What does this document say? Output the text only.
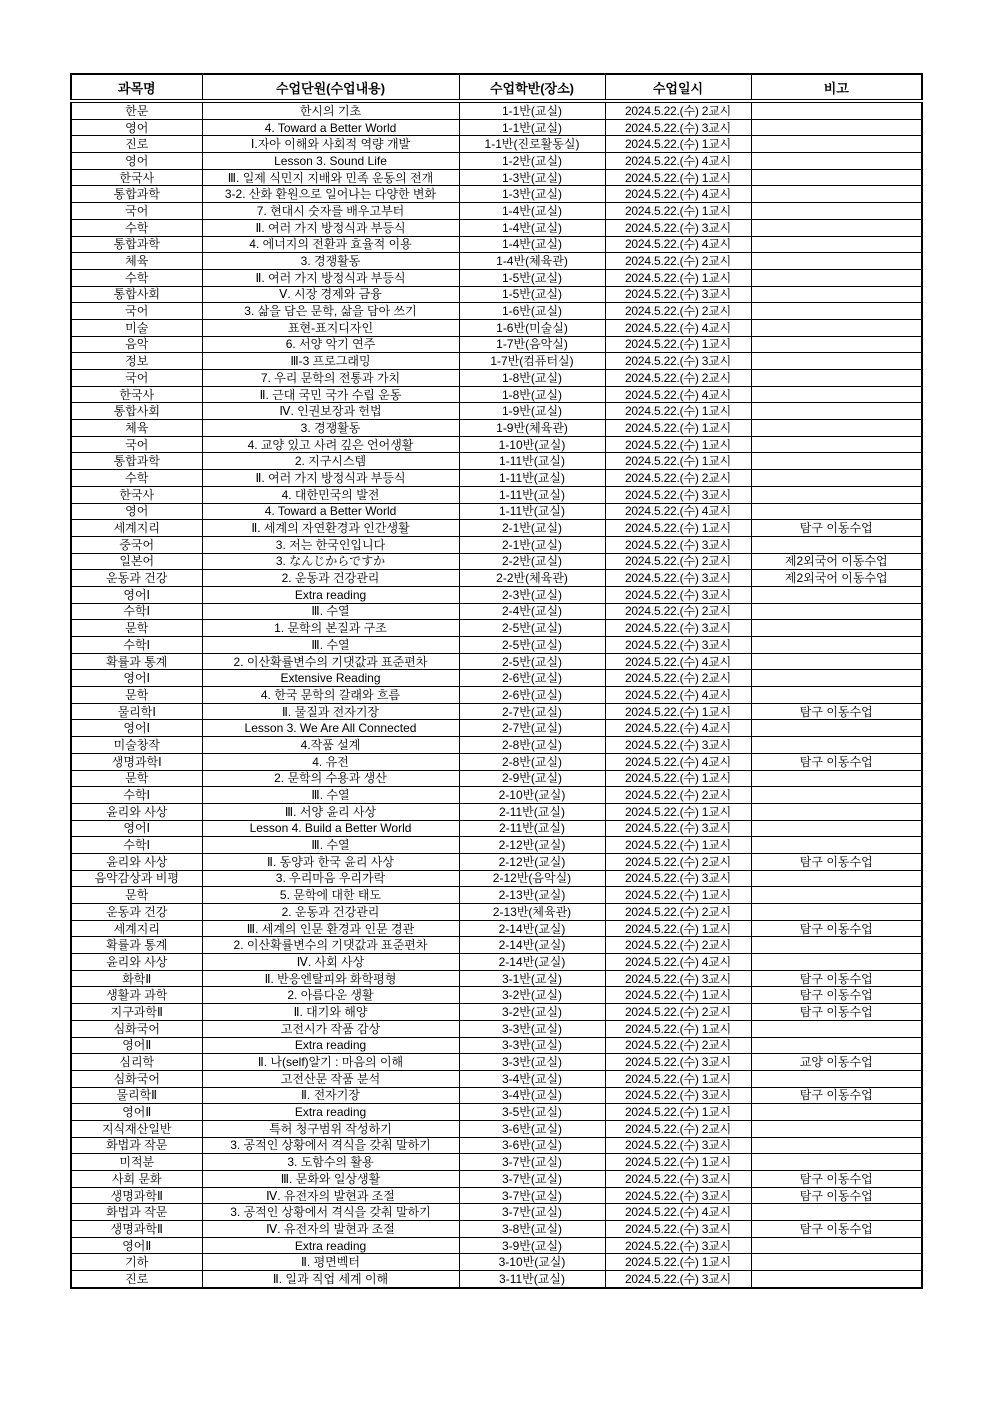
과목명	수업단원(수업내용)	수업학반(장소)	수업일시	비고
한문	한시의 기초	1-1반(교실)	2024.5.22.(수) 2교시	
영어	4. Toward a Better World	1-1반(교실)	2024.5.22.(수) 3교시	
진로	Ⅰ.자아 이해와 사회적 역량 개발	1-1반(진로활동실)	2024.5.22.(수) 1교시	
영어	Lesson 3. Sound Life	1-2반(교실)	2024.5.22.(수) 4교시	
한국사	Ⅲ. 일제 식민지 지배와 민족 운동의 전개	1-3반(교실)	2024.5.22.(수) 1교시	
통합과학	3-2. 산화 환원으로 일어나는 다양한 변화	1-3반(교실)	2024.5.22.(수) 4교시	
국어	7. 현대시 숫자를 배우고부터	1-4반(교실)	2024.5.22.(수) 1교시	
수학	Ⅱ. 여러 가지 방정식과 부등식	1-4반(교실)	2024.5.22.(수) 3교시	
통합과학	4. 에너지의 전환과 효율적 이용	1-4반(교실)	2024.5.22.(수) 4교시	
체육	3. 경쟁활동	1-4반(체육관)	2024.5.22.(수) 2교시	
수학	Ⅱ. 여러 가지 방정식과 부등식	1-5반(교실)	2024.5.22.(수) 1교시	
통합사회	Ⅴ. 시장 경제와 금융	1-5반(교실)	2024.5.22.(수) 3교시	
국어	3. 삶을 담은 문학, 삶을 담아 쓰기	1-6반(교실)	2024.5.22.(수) 2교시	
미술	표현-표지디자인	1-6반(미술실)	2024.5.22.(수) 4교시	
음악	6. 서양 악기 연주	1-7반(음악실)	2024.5.22.(수) 1교시	
정보	Ⅲ-3 프로그래밍	1-7반(컴퓨터실)	2024.5.22.(수) 3교시	
국어	7. 우리 문학의 전통과 가치	1-8반(교실)	2024.5.22.(수) 2교시	
한국사	Ⅱ. 근대 국민 국가 수립 운동	1-8반(교실)	2024.5.22.(수) 4교시	
통합사회	Ⅳ. 인권보장과 헌법	1-9반(교실)	2024.5.22.(수) 1교시	
체육	3. 경쟁활동	1-9반(체육관)	2024.5.22.(수) 1교시	
국어	4. 교양 있고 사려 깊은 언어생활	1-10반(교실)	2024.5.22.(수) 1교시	
통합과학	2. 지구시스템	1-11반(교실)	2024.5.22.(수) 1교시	
수학	Ⅱ. 여러 가지 방정식과 부등식	1-11반(교실)	2024.5.22.(수) 2교시	
한국사	4. 대한민국의 발전	1-11반(교실)	2024.5.22.(수) 3교시	
영어	4. Toward a Better World	1-11반(교실)	2024.5.22.(수) 4교시	
세계지리	Ⅱ. 세계의 자연환경과 인간생활	2-1반(교실)	2024.5.22.(수) 1교시	탐구 이동수업
중국어	3. 저는 한국인입니다	2-1반(교실)	2024.5.22.(수) 3교시	
일본어	3. なんじからですか	2-2반(교실)	2024.5.22.(수) 2교시	제2외국어 이동수업
운동과 건강	2. 운동과 건강관리	2-2반(체육관)	2024.5.22.(수) 3교시	제2외국어 이동수업
영어Ⅰ	Extra reading	2-3반(교실)	2024.5.22.(수) 3교시	
수학Ⅰ	Ⅲ. 수열	2-4반(교실)	2024.5.22.(수) 2교시	
문학	1. 문학의 본질과 구조	2-5반(교실)	2024.5.22.(수) 3교시	
수학Ⅰ	Ⅲ. 수열	2-5반(교실)	2024.5.22.(수) 3교시	
확률과 통계	2. 이산확률변수의 기댓값과 표준편차	2-5반(교실)	2024.5.22.(수) 4교시	
영어Ⅰ	Extensive Reading	2-6반(교실)	2024.5.22.(수) 2교시	
문학	4. 한국 문학의 갈래와 흐름	2-6반(교실)	2024.5.22.(수) 4교시	
물리학Ⅰ	Ⅱ. 물질과 전자기장	2-7반(교실)	2024.5.22.(수) 1교시	탐구 이동수업
영어Ⅰ	Lesson 3. We Are All Connected	2-7반(교실)	2024.5.22.(수) 4교시	
미술창작	4.작품 설계	2-8반(교실)	2024.5.22.(수) 3교시	
생명과학Ⅰ	4. 유전	2-8반(교실)	2024.5.22.(수) 4교시	탐구 이동수업
문학	2. 문학의 수용과 생산	2-9반(교실)	2024.5.22.(수) 1교시	
수학Ⅰ	Ⅲ. 수열	2-10반(교실)	2024.5.22.(수) 2교시	
윤리와 사상	Ⅲ. 서양 윤리 사상	2-11반(교실)	2024.5.22.(수) 1교시	
영어Ⅰ	Lesson 4. Build a Better World	2-11반(교실)	2024.5.22.(수) 3교시	
수학Ⅰ	Ⅲ. 수열	2-12반(교실)	2024.5.22.(수) 1교시	
윤리와 사상	Ⅱ. 동양과 한국 윤리 사상	2-12반(교실)	2024.5.22.(수) 2교시	탐구 이동수업
음악감상과 비평	3. 우리마음 우리가락	2-12반(음악실)	2024.5.22.(수) 3교시	
문학	5. 문학에 대한 태도	2-13반(교실)	2024.5.22.(수) 1교시	
운동과 건강	2. 운동과 건강관리	2-13반(체육관)	2024.5.22.(수) 2교시	
세계지리	Ⅲ. 세계의 인문 환경과 인문 경관	2-14반(교실)	2024.5.22.(수) 1교시	탐구 이동수업
확률과 통계	2. 이산확률변수의 기댓값과 표준편차	2-14반(교실)	2024.5.22.(수) 2교시	
윤리와 사상	Ⅳ. 사회 사상	2-14반(교실)	2024.5.22.(수) 4교시	
화학Ⅱ	Ⅱ. 반응엔탈피와 화학평형	3-1반(교실)	2024.5.22.(수) 3교시	탐구 이동수업
생활과 과학	2. 아름다운 생활	3-2반(교실)	2024.5.22.(수) 1교시	탐구 이동수업
지구과학Ⅱ	Ⅱ. 대기와 해양	3-2반(교실)	2024.5.22.(수) 2교시	탐구 이동수업
심화국어	고전시가 작품 감상	3-3반(교실)	2024.5.22.(수) 1교시	
영어Ⅱ	Extra reading	3-3반(교실)	2024.5.22.(수) 2교시	
심리학	Ⅱ. 나(self)알기 : 마음의 이해	3-3반(교실)	2024.5.22.(수) 3교시	교양 이동수업
심화국어	고전산문 작품 분석	3-4반(교실)	2024.5.22.(수) 1교시	
물리학Ⅱ	Ⅱ. 전자기장	3-4반(교실)	2024.5.22.(수) 3교시	탐구 이동수업
영어Ⅱ	Extra reading	3-5반(교실)	2024.5.22.(수) 1교시	
지식재산일반	특허 청구범위 작성하기	3-6반(교실)	2024.5.22.(수) 2교시	
화법과 작문	3. 공적인 상황에서 격식을 갖춰 말하기	3-6반(교실)	2024.5.22.(수) 3교시	
미적분	3. 도함수의 활용	3-7반(교실)	2024.5.22.(수) 1교시	
사회 문화	Ⅲ. 문화와 일상생활	3-7반(교실)	2024.5.22.(수) 3교시	탐구 이동수업
생명과학Ⅱ	Ⅳ. 유전자의 발현과 조절	3-7반(교실)	2024.5.22.(수) 3교시	탐구 이동수업
화법과 작문	3. 공적인 상황에서 격식을 갖춰 말하기	3-7반(교실)	2024.5.22.(수) 4교시	
생명과학Ⅱ	Ⅳ. 유전자의 발현과 조절	3-8반(교실)	2024.5.22.(수) 3교시	탐구 이동수업
영어Ⅱ	Extra reading	3-9반(교실)	2024.5.22.(수) 3교시	
기하	Ⅱ. 평면벡터	3-10반(교실)	2024.5.22.(수) 1교시	
진로	Ⅱ. 일과 직업 세계 이해	3-11반(교실)	2024.5.22.(수) 3교시	
